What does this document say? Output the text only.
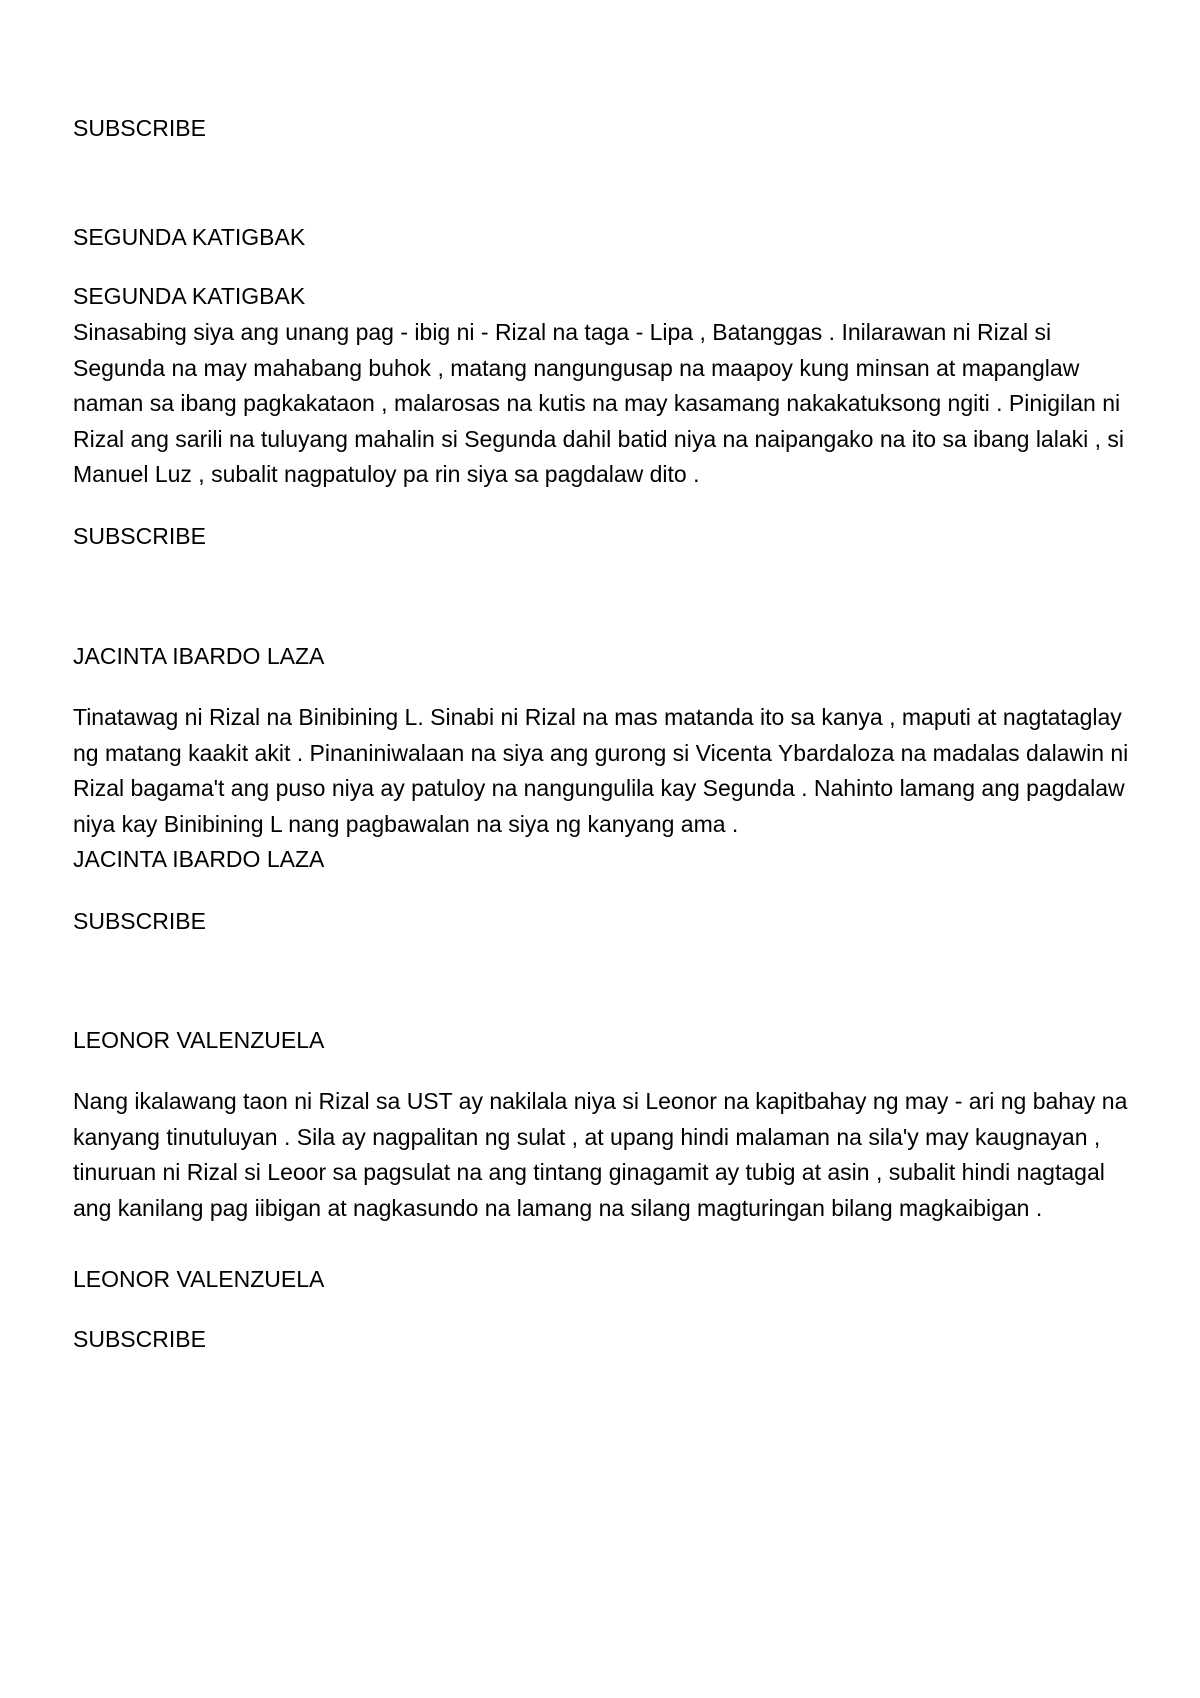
SUBSCRIBE

SEGUNDA KATIGBAK

SEGUNDA KATIGBAK

Sinasabing siya ang unang pag - ibig ni - Rizal na taga - Lipa , Batanggas . Inilarawan ni Rizal si Segunda na may mahabang buhok , matang nangungusap na maapoy kung minsan at mapanglaw naman sa ibang pagkakataon , malarosas na kutis na may kasamang nakakatuksong ngiti . Pinigilan ni Rizal ang sarili na tuluyang mahalin si Segunda dahil batid niya na naipangako na ito sa ibang lalaki , si Manuel Luz , subalit nagpatuloy pa rin siya sa pagdalaw dito .

SUBSCRIBE

JACINTA IBARDO LAZA

Tinatawag ni Rizal na Binibining L. Sinabi ni Rizal na mas matanda ito sa kanya , maputi at nagtataglay ng matang kaakit akit . Pinaniniwalaan na siya ang gurong si Vicenta Ybardaloza na madalas dalawin ni Rizal bagama't ang puso niya ay patuloy na nangungulila kay Segunda . Nahinto lamang ang pagdalaw niya kay Binibining L nang pagbawalan na siya ng kanyang ama .

JACINTA IBARDO LAZA

SUBSCRIBE

LEONOR VALENZUELA

Nang ikalawang taon ni Rizal sa UST ay nakilala niya si Leonor na kapitbahay ng may - ari ng bahay na kanyang tinutuluyan . Sila ay nagpalitan ng sulat , at upang hindi malaman na sila'y may kaugnayan , tinuruan ni Rizal si Leoor sa pagsulat na ang tintang ginagamit ay tubig at asin , subalit hindi nagtagal ang kanilang pag iibigan at nagkasundo na lamang na silang magturingan bilang magkaibigan .

LEONOR VALENZUELA

SUBSCRIBE
